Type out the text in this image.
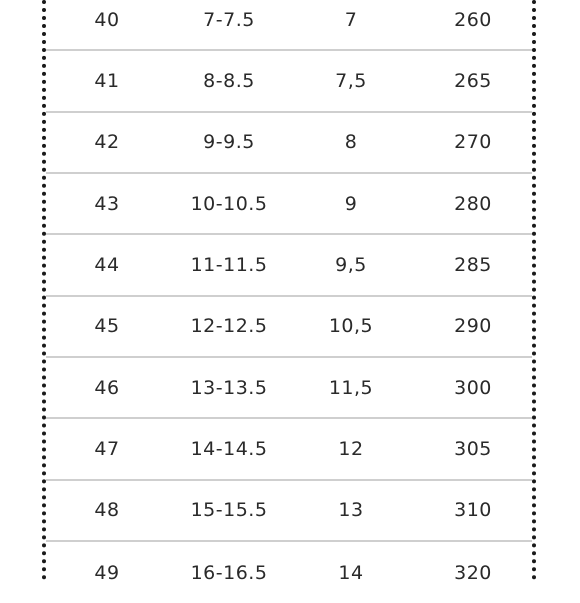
40	7-7.5	7	260
41	8-8.5	7,5	265
42	9-9.5	8	270
43	10-10.5	9	280
44	11-11.5	9,5	285
45	12-12.5	10,5	290
46	13-13.5	11,5	300
47	14-14.5	12	305
48	15-15.5	13	310
49	16-16.5	14	320
